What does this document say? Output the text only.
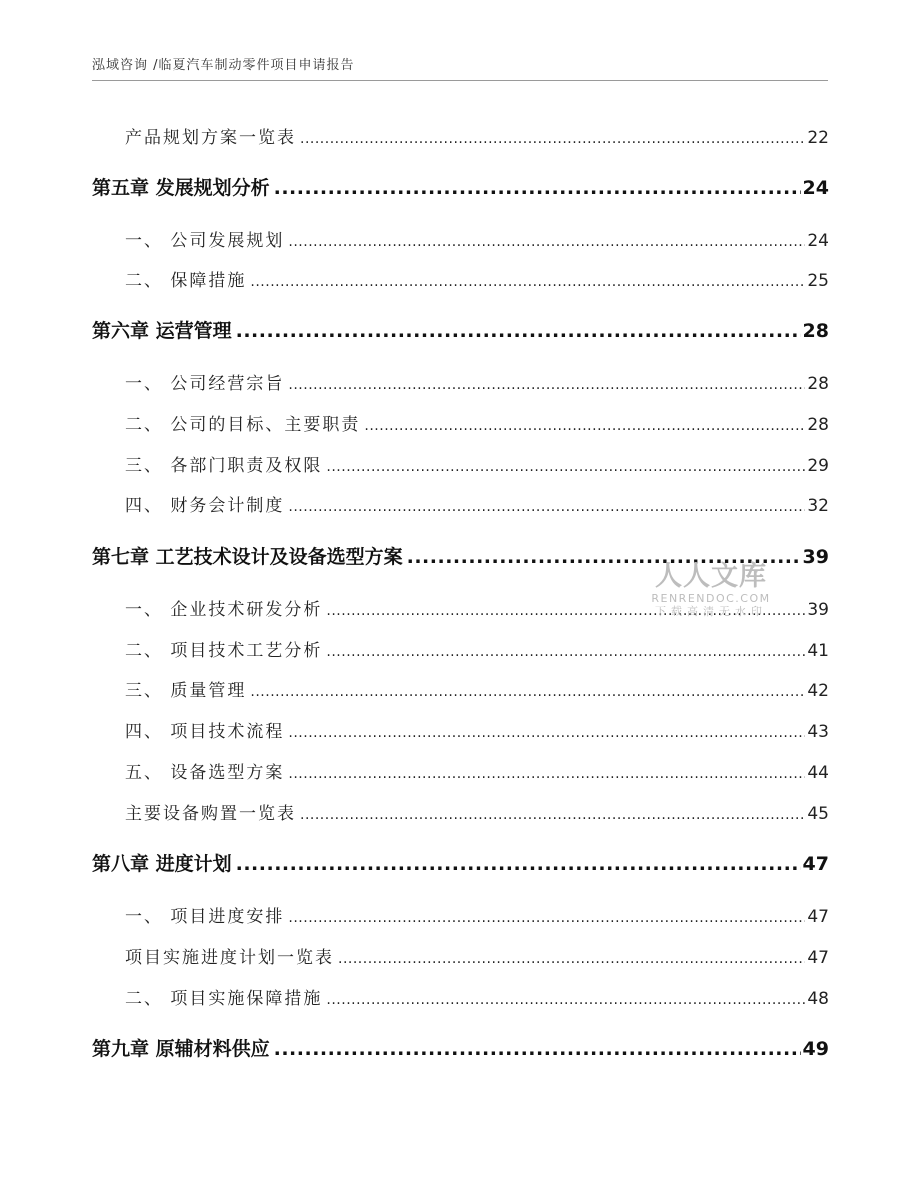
泓域咨询 /临夏汽车制动零件项目申请报告
产品规划方案一览表 .....	22
第五章 发展规划分析 .....	24
一、 公司发展规划 .....	24
二、 保障措施 .....	25
第六章 运营管理 .....	28
一、 公司经营宗旨 .....	28
二、 公司的目标、主要职责 .....	28
三、 各部门职责及权限 .....	29
四、 财务会计制度 .....	32
第七章 工艺技术设计及设备选型方案 .....	39
一、 企业技术研发分析 .....	39
二、 项目技术工艺分析 .....	41
三、 质量管理 .....	42
四、 项目技术流程 .....	43
五、 设备选型方案 .....	44
主要设备购置一览表 .....	45
第八章 进度计划 .....	47
一、 项目进度安排 .....	47
项目实施进度计划一览表 .....	47
二、 项目实施保障措施 .....	48
第九章 原辅材料供应 .....	49
人人文库
RENRENDOC.COM
下载高清无水印
